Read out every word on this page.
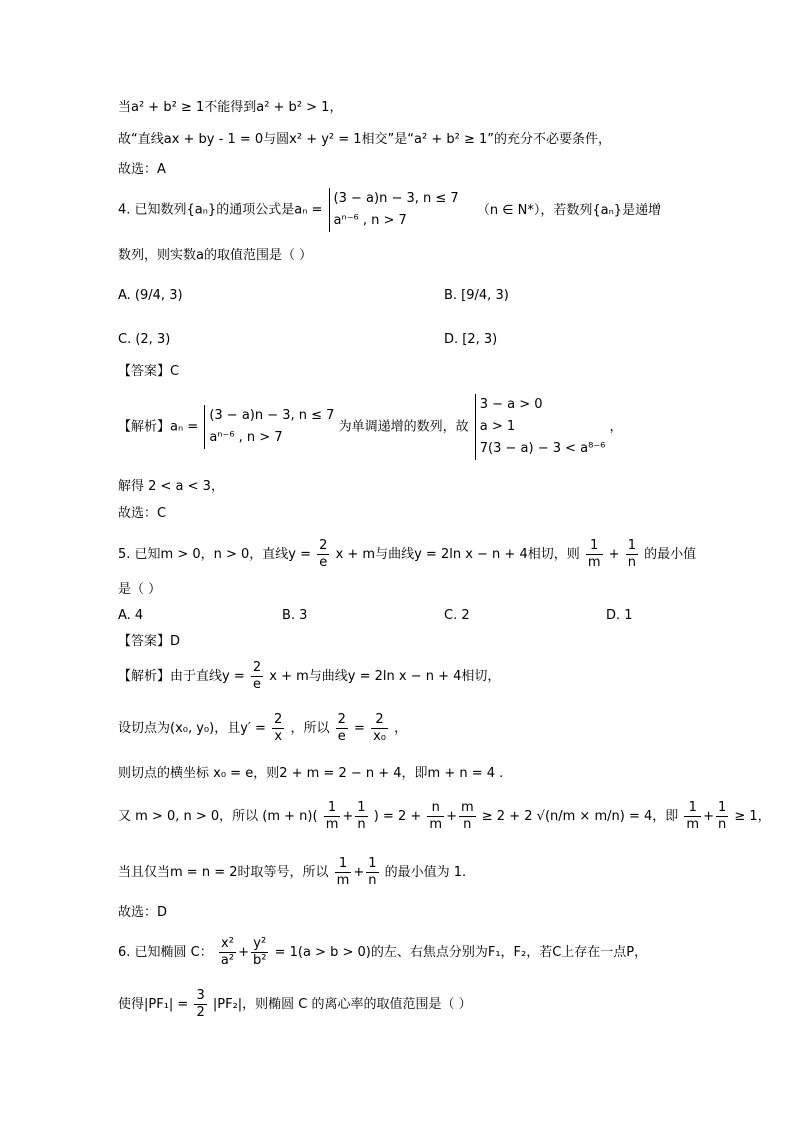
当a² + b² ≥ 1不能得到a² + b² > 1，
故“直线ax + by - 1 = 0与圆x² + y² = 1相交”是“a² + b² ≥ 1”的充分不必要条件，
故选：A
4. 已知数列{aₙ}的通项公式是aₙ =
(3 − a)n − 3, n ≤ 7
aⁿ⁻⁶ , n > 7
（n ∈ N*），若数列{aₙ}是递增
数列，则实数a的取值范围是（ ）
A. (9/4, 3)	B. [9/4, 3)
C. (2, 3)	D. [2, 3)
【答案】C
【解析】aₙ =
(3 − a)n − 3, n ≤ 7
aⁿ⁻⁶ , n > 7
为单调递增的数列，故
3 − a > 0
a > 1
7(3 − a) − 3 < a⁸⁻⁶
，
解得 2 < a < 3，
故选：C
5. 已知m > 0，n > 0，直线$y = \frac{2}{e}$ x + m与曲线y = 2ln x − n + 4相切，则 $\frac{1}{m} + \frac{1}{n}$ 的最小值
是（ ）
A. 4	B. 3	C. 2	D. 1
【答案】D
【解析】由于直线$y = \frac{2}{e}$ x + m与曲线y = 2ln x − n + 4相切，
设切点为(x₀, y₀)，且$y' = \frac{2}{x}$ ，所以 $\frac{2}{e} = \frac{2}{\text{x₀}}$ ，
则切点的横坐标 x₀ = e，则2 + m = 2 − n + 4，即m + n = 4 .
又 m > 0, n > 0，所以 $(m + n)( \frac{1}{m} + \frac{1}{n}$ ) = $2 + \frac{n}{m} + \frac{m}{n} \ge 2 + 2$ √(n/m × m/n) = 4，即 $\frac{1}{m} + \frac{1}{n} \ge 1$，
当且仅当m = n = 2时取等号，所以 $\frac{1}{m} + \frac{1}{n}$ 的最小值为 1.
故选：D
6. 已知椭圆 C： $\frac{\text{x²}}{\text{a²}} + \frac{\text{y²}}{\text{b²}} = 1(a > b > 0)$的左、右焦点分别为F₁，F₂，若C上存在一点P，
使得$|PF_1| = \frac{3}{2} |PF_2|$，则椭圆 C 的离心率的取值范围是（ ）
